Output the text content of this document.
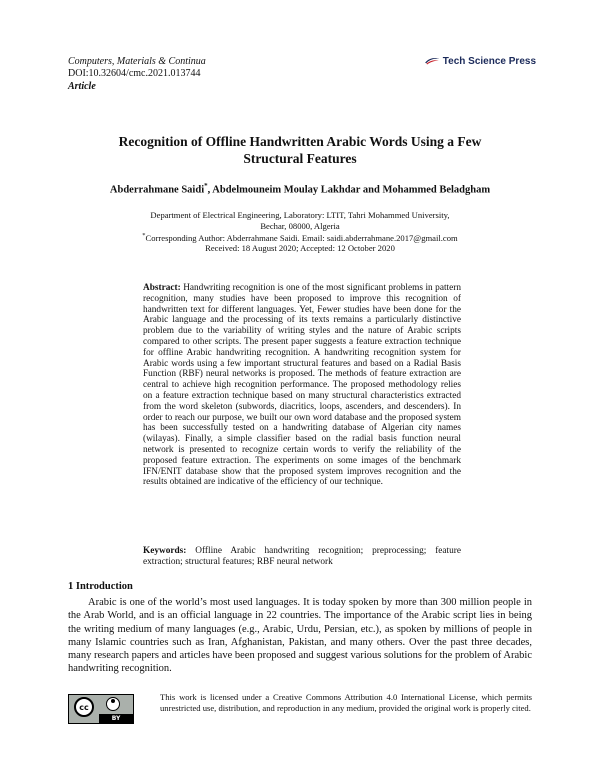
Computers, Materials & Continua
DOI:10.32604/cmc.2021.013744
Article
Tech Science Press
Recognition of Offline Handwritten Arabic Words Using a Few
Structural Features
Abderrahmane Saidi*, Abdelmouneim Moulay Lakhdar and Mohammed Beladgham
Department of Electrical Engineering, Laboratory: LTIT, Tahri Mohammed University,
Bechar, 08000, Algeria
*Corresponding Author: Abderrahmane Saidi. Email: saidi.abderrahmane.2017@gmail.com
Received: 18 August 2020; Accepted: 12 October 2020
Abstract: Handwriting recognition is one of the most significant problems in pattern recognition, many studies have been proposed to improve this recognition of handwritten text for different languages. Yet, Fewer studies have been done for the Arabic language and the processing of its texts remains a particularly distinctive problem due to the variability of writing styles and the nature of Arabic scripts compared to other scripts. The present paper suggests a feature extraction technique for offline Arabic handwriting recognition. A handwriting recognition system for Arabic words using a few important structural features and based on a Radial Basis Function (RBF) neural networks is proposed. The methods of feature extraction are central to achieve high recognition performance. The proposed methodology relies on a feature extraction technique based on many structural characteristics extracted from the word skeleton (subwords, diacritics, loops, ascenders, and descenders). In order to reach our purpose, we built our own word database and the proposed system has been successfully tested on a handwriting database of Algerian city names (wilayas). Finally, a simple classifier based on the radial basis function neural network is presented to recognize certain words to verify the reliability of the proposed feature extraction. The experiments on some images of the benchmark IFN/ENIT database show that the proposed system improves recognition and the results obtained are indicative of the efficiency of our technique.
Keywords: Offline Arabic handwriting recognition; preprocessing; feature extraction; structural features; RBF neural network
1 Introduction
Arabic is one of the world’s most used languages. It is today spoken by more than 300 million people in the Arab World, and is an official language in 22 countries. The importance of the Arabic script lies in being the writing medium of many languages (e.g., Arabic, Urdu, Persian, etc.), as spoken by millions of people in many Islamic countries such as Iran, Afghanistan, Pakistan, and many others. Over the past three decades, many research papers and articles have been proposed and suggest various solutions for the problem of Arabic handwriting recognition.
cc
BY
This work is licensed under a Creative Commons Attribution 4.0 International License, which permits unrestricted use, distribution, and reproduction in any medium, provided the original work is properly cited.
